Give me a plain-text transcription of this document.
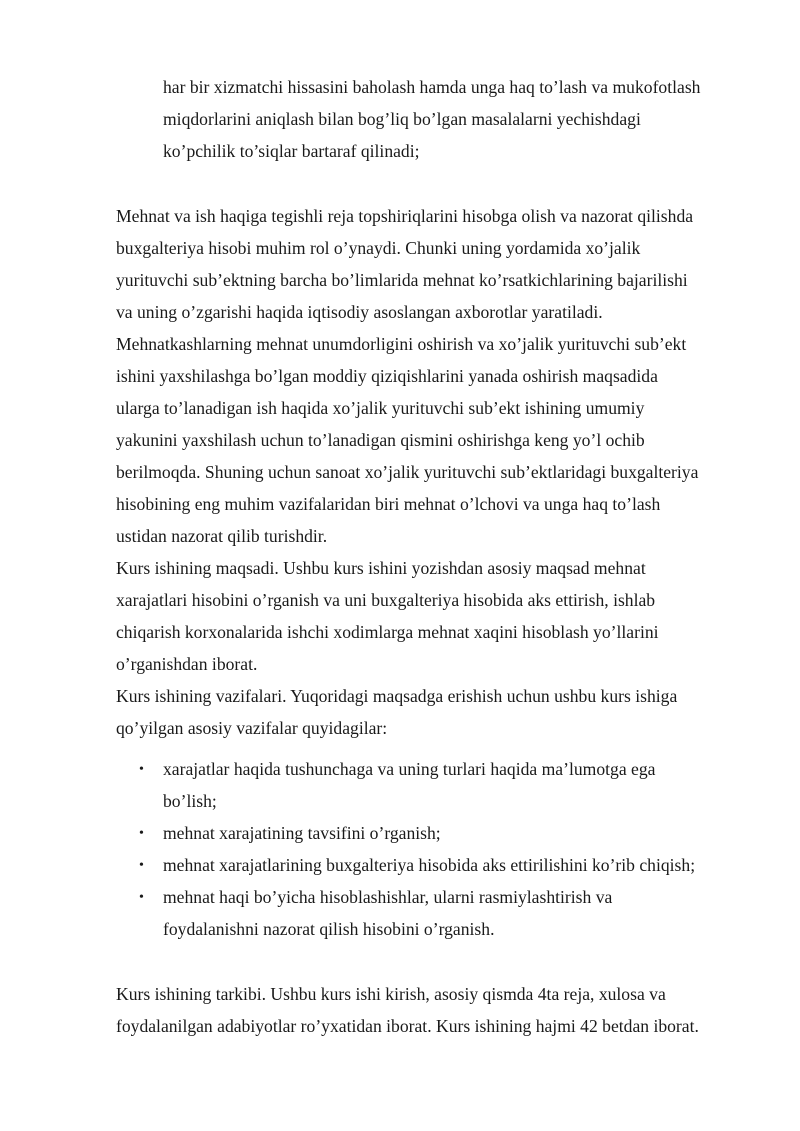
har bir xizmatchi hissasini baholash hamda unga haq to’lash va mukofotlash
miqdorlarini aniqlash bilan bog’liq bo’lgan masalalarni yechishdagi
ko’pchilik to’siqlar bartaraf qilinadi;
Mehnat va ish haqiga tegishli reja topshiriqlarini hisobga olish va nazorat qilishda
buxgalteriya hisobi muhim rol o’ynaydi. Chunki uning yordamida xo’jalik
yurituvchi sub’ektning barcha bo’limlarida mehnat ko’rsatkichlarining bajarilishi
va uning o’zgarishi haqida iqtisodiy asoslangan axborotlar yaratiladi.
Mehnatkashlarning mehnat unumdorligini oshirish va xo’jalik yurituvchi sub’ekt
ishini yaxshilashga bo’lgan moddiy qiziqishlarini yanada oshirish maqsadida
ularga to’lanadigan ish haqida xo’jalik yurituvchi sub’ekt ishining umumiy
yakunini yaxshilash uchun to’lanadigan qismini oshirishga keng yo’l ochib
berilmoqda. Shuning uchun sanoat xo’jalik yurituvchi sub’ektlaridagi buxgalteriya
hisobining eng muhim vazifalaridan biri mehnat o’lchovi va unga haq to’lash
ustidan nazorat qilib turishdir.
Kurs ishining maqsadi. Ushbu kurs ishini yozishdan asosiy maqsad mehnat
xarajatlari hisobini o’rganish va uni buxgalteriya hisobida aks ettirish, ishlab
chiqarish korxonalarida ishchi xodimlarga mehnat xaqini hisoblash yo’llarini
o’rganishdan iborat.
Kurs ishining vazifalari. Yuqoridagi maqsadga erishish uchun ushbu kurs ishiga
qo’yilgan asosiy vazifalar quyidagilar:
• xarajatlar haqida tushunchaga va uning turlari haqida ma’lumotga ega
bo’lish;
• mehnat xarajatining tavsifini o’rganish;
• mehnat xarajatlarining buxgalteriya hisobida aks ettirilishini ko’rib chiqish;
• mehnat haqi bo’yicha hisoblashishlar, ularni rasmiylashtirish va
foydalanishni nazorat qilish hisobini o’rganish.
Kurs ishining tarkibi. Ushbu kurs ishi kirish, asosiy qismda 4ta reja, xulosa va
foydalanilgan adabiyotlar ro’yxatidan iborat. Kurs ishining hajmi 42 betdan iborat.
